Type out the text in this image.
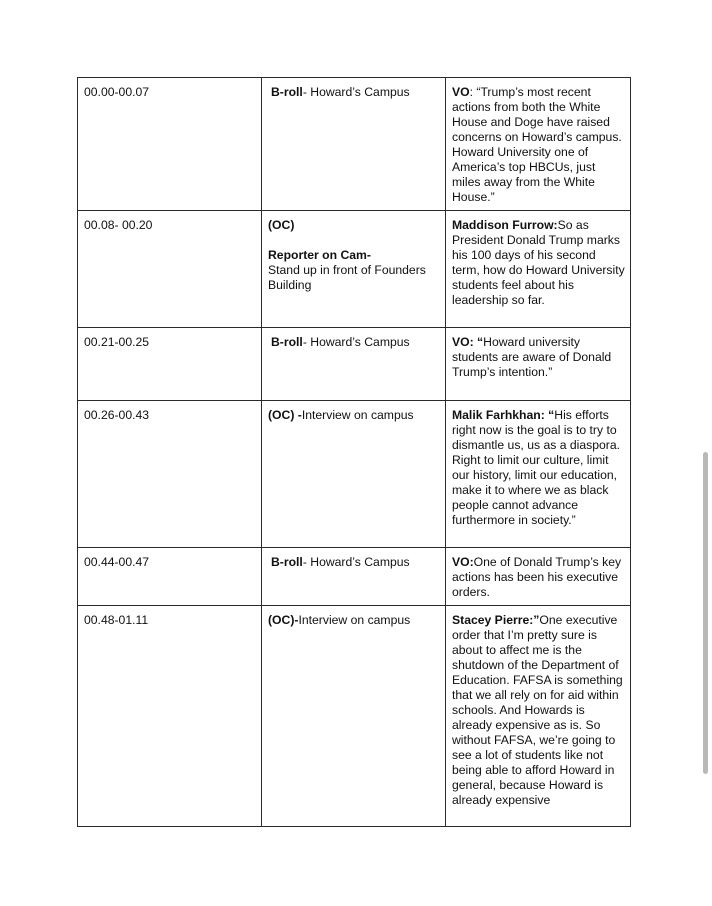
00.00-00.07	B-roll- Howard’s Campus	VO: “Trump’s most recent actions from both the White House and Doge have raised concerns on Howard’s campus. Howard University one of America’s top HBCUs, just miles away from the White House.”
00.08- 00.20	(OC)
Reporter on Cam-
Stand up in front of Founders Building	Maddison Furrow:So as President Donald Trump marks his 100 days of his second term, how do Howard University students feel about his leadership so far.
00.21-00.25	B-roll- Howard’s Campus	VO: “Howard university students are aware of Donald Trump’s intention.”
00.26-00.43	(OC) -Interview on campus	Malik Farhkhan: “His efforts right now is the goal is to try to dismantle us, us as a diaspora. Right to limit our culture, limit our history, limit our education, make it to where we as black people cannot advance furthermore in society.”
00.44-00.47	B-roll- Howard’s Campus	VO:One of Donald Trump’s key actions has been his executive orders.
00.48-01.11	(OC)-Interview on campus	Stacey Pierre:”One executive order that I’m pretty sure is about to affect me is the shutdown of the Department of Education. FAFSA is something that we all rely on for aid within schools. And Howards is already expensive as is. So without FAFSA, we’re going to see a lot of students like not being able to afford Howard in general, because Howard is already expensive
